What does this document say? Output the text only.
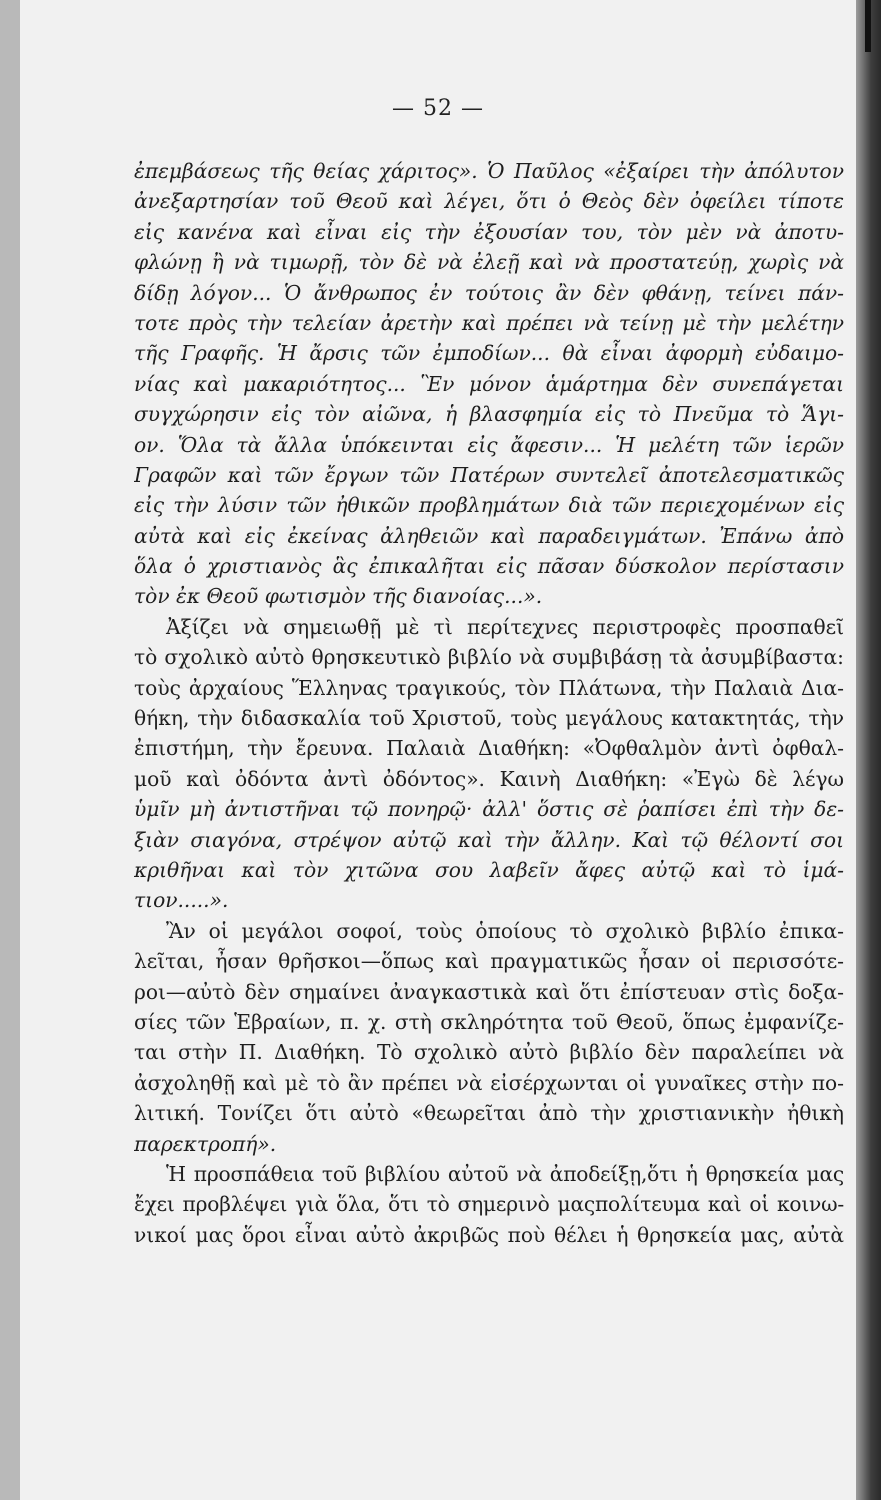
— 52 —
ἐπεμβάσεως τῆς θείας χάριτος». Ὁ Παῦλος «ἐξαίρει τὴν ἀπόλυτον
ἀνεξαρτησίαν τοῦ Θεοῦ καὶ λέγει, ὅτι ὁ Θεὸς δὲν ὀφείλει τίποτε
εἰς κανένα καὶ εἶναι εἰς τὴν ἐξουσίαν του, τὸν μὲν νὰ ἀποτυ-
φλώνῃ ἢ νὰ τιμωρῇ, τὸν δὲ νὰ ἐλεῇ καὶ νὰ προστατεύῃ, χωρὶς νὰ
δίδῃ λόγον... Ὁ ἄνθρωπος ἐν τούτοις ἂν δὲν φθάνῃ, τείνει πάν-
τοτε πρὸς τὴν τελείαν ἀρετὴν καὶ πρέπει νὰ τείνῃ μὲ τὴν μελέτην
τῆς Γραφῆς. Ἡ ἄρσις τῶν ἐμποδίων... θὰ εἶναι ἀφορμὴ εὐδαιμο-
νίας καὶ μακαριότητος... Ἓν μόνον ἁμάρτημα δὲν συνεπάγεται
συγχώρησιν εἰς τὸν αἰῶνα, ἡ βλασφημία εἰς τὸ Πνεῦμα τὸ Ἅγι-
ον. Ὅλα τὰ ἄλλα ὑπόκεινται εἰς ἄφεσιν... Ἡ μελέτη τῶν ἱερῶν
Γραφῶν καὶ τῶν ἔργων τῶν Πατέρων συντελεῖ ἀποτελεσματικῶς
εἰς τὴν λύσιν τῶν ἠθικῶν προβλημάτων διὰ τῶν περιεχομένων εἰς
αὐτὰ καὶ εἰς ἐκείνας ἀληθειῶν καὶ παραδειγμάτων. Ἐπάνω ἀπὸ
ὅλα ὁ χριστιανὸς ἃς ἐπικαλῆται εἰς πᾶσαν δύσκολον περίστασιν
τὸν ἐκ Θεοῦ φωτισμὸν τῆς διανοίας...».
Ἀξίζει νὰ σημειωθῇ μὲ τὶ περίτεχνες περιστροφὲς προσπαθεῖ
τὸ σχολικὸ αὐτὸ θρησκευτικὸ βιβλίο νὰ συμβιβάσῃ τὰ ἀσυμβίβαστα:
τοὺς ἀρχαίους Ἕλληνας τραγικούς, τὸν Πλάτωνα, τὴν Παλαιὰ Δια-
θήκη, τὴν διδασκαλία τοῦ Χριστοῦ, τοὺς μεγάλους κατακτητάς, τὴν
ἐπιστήμη, τὴν ἔρευνα. Παλαιὰ Διαθήκη: «Ὀφθαλμὸν ἀντὶ ὀφθαλ-
μοῦ καὶ ὀδόντα ἀντὶ ὀδόντος». Καινὴ Διαθήκη: «Ἐγὼ δὲ λέγω
ὑμῖν μὴ ἀντιστῆναι τῷ πονηρῷ· ἀλλ' ὅστις σὲ ῥαπίσει ἐπὶ τὴν δε-
ξιὰν σιαγόνα, στρέψον αὐτῷ καὶ τὴν ἄλλην. Καὶ τῷ θέλοντί σοι
κριθῆναι καὶ τὸν χιτῶνα σου λαβεῖν ἄφες αὐτῷ καὶ τὸ ἱμά-
τιον.....».
Ἂν οἱ μεγάλοι σοφοί, τοὺς ὁποίους τὸ σχολικὸ βιβλίο ἐπικα-
λεῖται, ἦσαν θρῆσκοι—ὅπως καὶ πραγματικῶς ἦσαν οἱ περισσότε-
ροι—αὐτὸ δὲν σημαίνει ἀναγκαστικὰ καὶ ὅτι ἐπίστευαν στὶς δοξα-
σίες τῶν Ἑβραίων, π. χ. στὴ σκληρότητα τοῦ Θεοῦ, ὅπως ἐμφανίζε-
ται στὴν Π. Διαθήκη. Τὸ σχολικὸ αὐτὸ βιβλίο δὲν παραλείπει νὰ
ἀσχοληθῇ καὶ μὲ τὸ ἂν πρέπει νὰ εἰσέρχωνται οἱ γυναῖκες στὴν πο-
λιτική. Τονίζει ὅτι αὐτὸ «θεωρεῖται ἀπὸ τὴν χριστιανικὴν ἠθικὴ
παρεκτροπή».
Ἡ προσπάθεια τοῦ βιβλίου αὐτοῦ νὰ ἀποδείξῃ,ὅτι ἡ θρησκεία μας
ἔχει προβλέψει γιὰ ὅλα, ὅτι τὸ σημερινὸ μαςπολίτευμα καὶ οἱ κοινω-
νικοί μας ὅροι εἶναι αὐτὸ ἀκριβῶς ποὺ θέλει ἡ θρησκεία μας, αὐτὰ
